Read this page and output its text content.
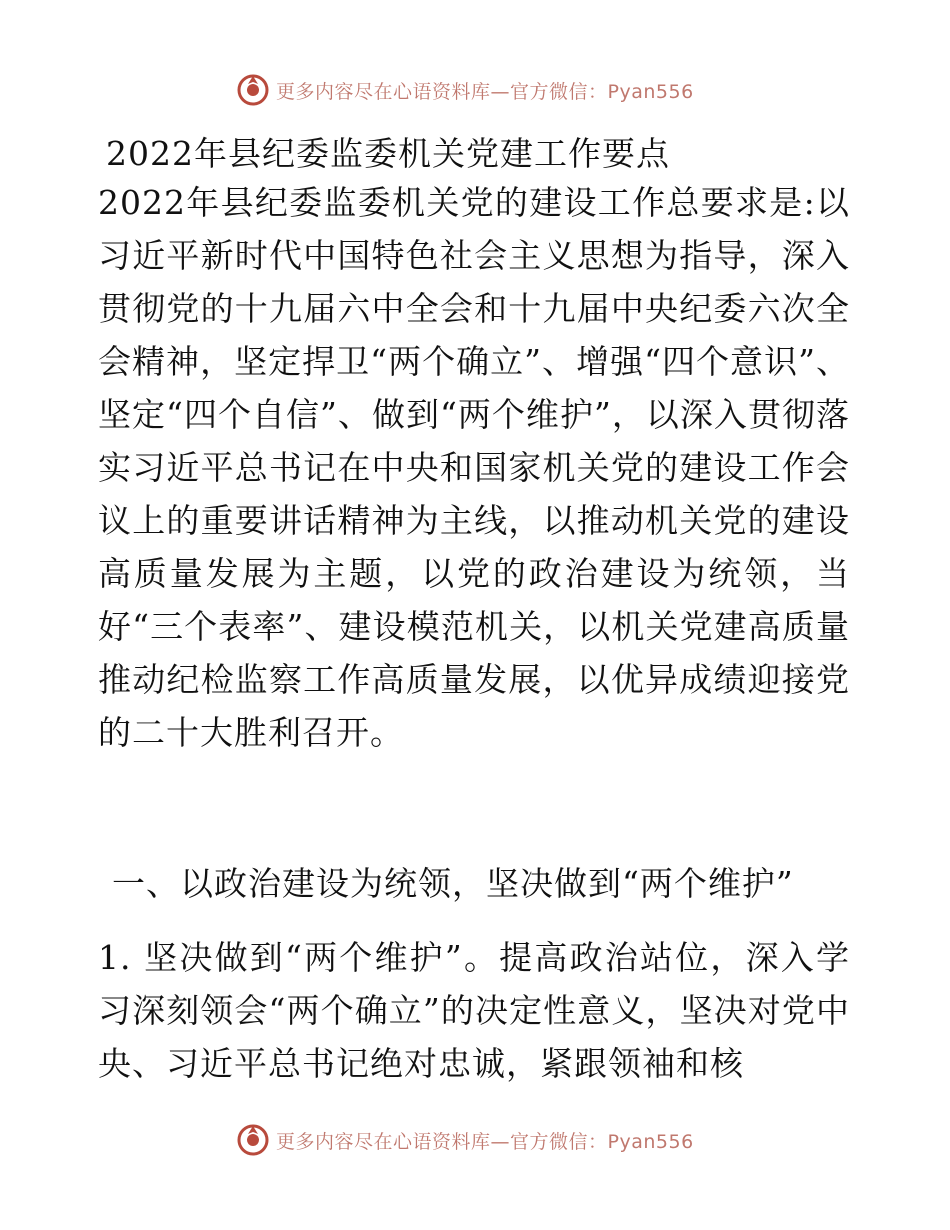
更多内容尽在心语资料库—官方微信：Pyan556
2022年县纪委监委机关党建工作要点
2022年县纪委监委机关党的建设工作总要求是:以习近平新时代中国特色社会主义思想为指导，深入贯彻党的十九届六中全会和十九届中央纪委六次全会精神，坚定捍卫“两个确立”、增强“四个意识”、坚定“四个自信”、做到“两个维护”，以深入贯彻落实习近平总书记在中央和国家机关党的建设工作会议上的重要讲话精神为主线，以推动机关党的建设高质量发展为主题，以党的政治建设为统领，当好“三个表率”、建设模范机关，以机关党建高质量推动纪检监察工作高质量发展，以优异成绩迎接党的二十大胜利召开。
一、以政治建设为统领，坚决做到“两个维护”
1. 坚决做到“两个维护”。提高政治站位，深入学习深刻领会“两个确立”的决定性意义，坚决对党中央、习近平总书记绝对忠诚，紧跟领袖和核
更多内容尽在心语资料库—官方微信：Pyan556
